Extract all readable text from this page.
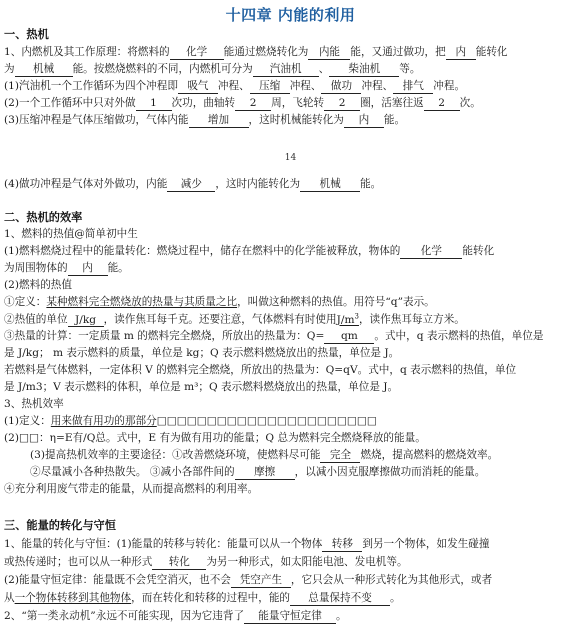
十四章 内能的利用
一、热机
1、内燃机及其工作原理：将燃料的 化学 能通过燃烧转化为 内能 能，又通过做功，把 内 能转化
为 机械 能。按燃烧燃料的不同，内燃机可分为 汽油机 、 柴油机 等。
(1)汽油机一个工作循环为四个冲程即 吸气 冲程、 压缩 冲程、 做功 冲程、 排气 冲程。
(2)一个工作循环中只对外做 1 次功，曲轴转 2 周，飞轮转 2 圈，活塞往返 2 次。
(3)压缩冲程是气体压缩做功，气体内能 增加 ，这时机械能转化为 内 能。
14
(4)做功冲程是气体对外做功，内能 减少 ，这时内能转化为 机械 能。
二、热机的效率
1、燃料的热值@简单初中生
(1)燃料燃烧过程中的能量转化：燃烧过程中，储存在燃料中的化学能被释放，物体的 化学 能转化
为周围物体的 内 能。
(2)燃料的热值
①定义：某种燃料完全燃烧放的热量与其质量之比，叫做这种燃料的热值。用符号“q”表示。
②热值的单位 J/kg ，读作焦耳每千克。还要注意，气体燃料有时使用$J/m^3$，读作焦耳每立方米。
③热量的计算：一定质量 m 的燃料完全燃烧，所放出的热量为：Q= qm 。式中，q 表示燃料的热值，单位是
是 J/kg； m 表示燃料的质量，单位是 kg；Q 表示燃料燃烧放出的热量，单位是 J。
若燃料是气体燃料，一定体积 V 的燃料完全燃烧，所放出的热量为：Q=qV。式中，q 表示燃料的热值，单位
是 J/m3；V 表示燃料的体积，单位是 m³；Q 表示燃料燃烧放出的热量，单位是 J。
3、热机效率
(1)定义：用来做有用功的那部分□□□□□□□□□□□□□□□□□□□□□□
(2)□□：η=E有/Q总。式中，E 有为做有用功的能量；Q 总为燃料完全燃烧释放的能量。
(3)提高热机效率的主要途径：①改善燃烧环境，使燃料尽可能 完全 燃烧，提高燃料的燃烧效率。
②尽量减小各种热散失。 ③减小各部件间的 摩擦 ，以减小因克服摩擦做功而消耗的能量。
④充分利用废气带走的能量，从而提高燃料的利用率。
三、能量的转化与守恒
1、能量的转化与守恒：(1)能量的转移与转化：能量可以从一个物体 转移 到另一个物体，如发生碰撞
或热传递时；也可以从一种形式 转化 为另一种形式，如太阳能电池、发电机等。
(2)能量守恒定律：能量既不会凭空消灭，也不会 凭空产生 ，它只会从一种形式转化为其他形式，或者
从一个物体转移到其他物体，而在转化和转移的过程中，能的 总量保持不变 。
2、“第一类永动机”永远不可能实现，因为它违背了 能量守恒定律 。
